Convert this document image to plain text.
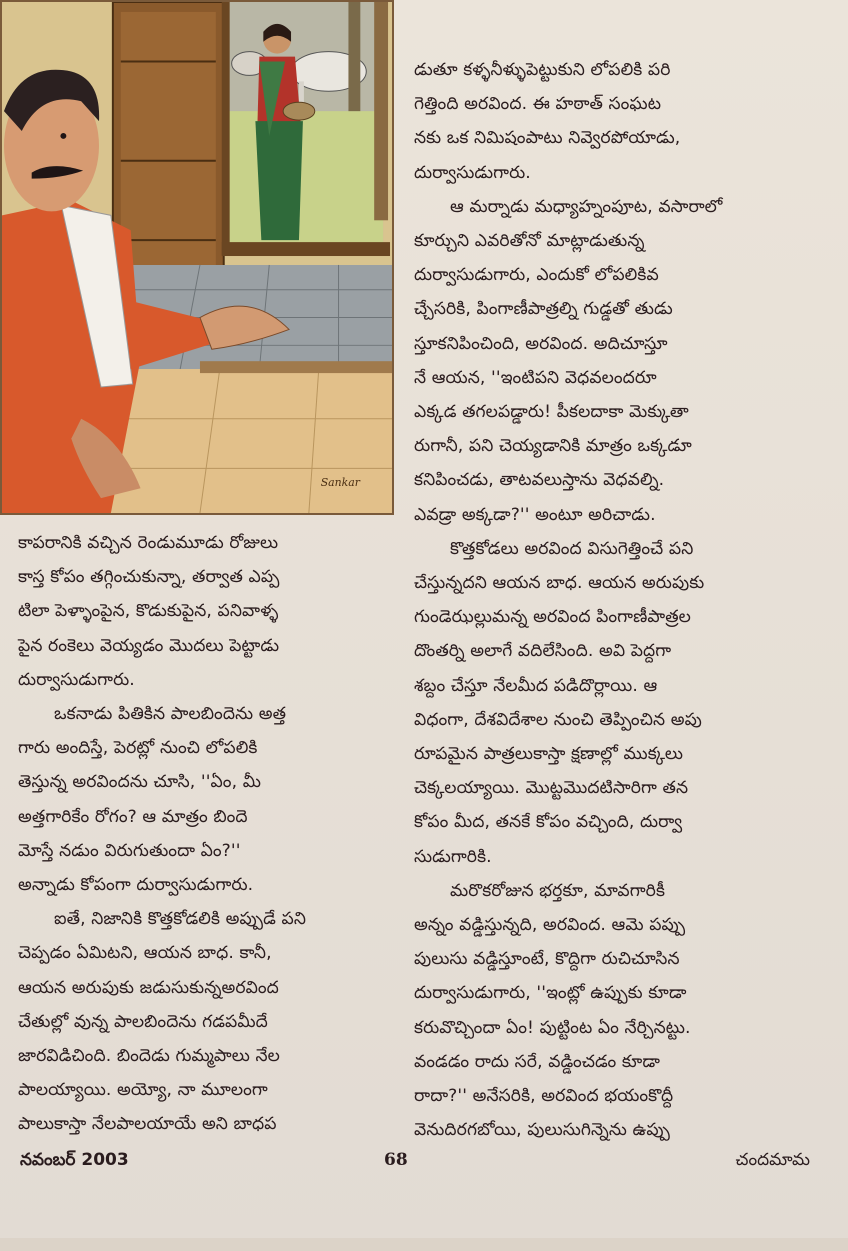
Sankar

డుతూ కళ్ళనీళ్ళుపెట్టుకుని లోపలికి పరి
గెత్తింది అరవింద. ఈ హఠాత్ సంఘట
నకు ఒక నిమిషంపాటు నివ్వెరపోయాడు,
దుర్వాసుడుగారు.

ఆ మర్నాడు మధ్యాహ్నంపూట, వసారాలో

కూర్చుని ఎవరితోనో మాట్లాడుతున్న
దుర్వాసుడుగారు, ఎందుకో లోపలికివ
చ్చేసరికి, పింగాణీపాత్రల్ని గుడ్డతో తుడు
స్తూకనిపించింది, అరవింద. అదిచూస్తూ
నే ఆయన, ''ఇంటిపని వెధవలందరూ
ఎక్కడ తగలపడ్డారు! పీకలదాకా మెక్కుతా
రుగానీ, పని చెయ్యడానికి మాత్రం ఒక్కడూ
కనిపించడు, తాటవలుస్తాను వెధవల్ని.
ఎవడ్రా అక్కడా?'' అంటూ అరిచాడు.

కొత్తకోడలు అరవింద విసుగెత్తించే పని

చేస్తున్నదని ఆయన బాధ. ఆయన అరుపుకు
గుండెఝల్లుమన్న అరవింద పింగాణీపాత్రల
దొంతర్ని అలాగే వదిలేసింది. అవి పెద్దగా
శబ్దం చేస్తూ నేలమీద పడిదొర్లాయి. ఆ
విధంగా, దేశవిదేశాల నుంచి తెప్పించిన అపు
రూపమైన పాత్రలుకాస్తా క్షణాల్లో ముక్కలు
చెక్కలయ్యాయి. మొట్టమొదటిసారిగా తన
కోపం మీద, తనకే కోపం వచ్చింది, దుర్వా
సుడుగారికి.

మరొకరోజున భర్తకూ, మావగారికీ

అన్నం వడ్డిస్తున్నది, అరవింద. ఆమె పప్పు
పులుసు వడ్డిస్తూంటే, కొద్దిగా రుచిచూసిన
దుర్వాసుడుగారు, ''ఇంట్లో ఉప్పుకు కూడా
కరువొచ్చిందా ఏం! పుట్టింట ఏం నేర్చినట్టు.
వండడం రాదు సరే, వడ్డించడం కూడా
రాదా?'' అనేసరికి, అరవింద భయంకొద్దీ
వెనుదిరగబోయి, పులుసుగిన్నెను ఉప్పు

కాపరానికి వచ్చిన రెండుమూడు రోజులు
కాస్త కోపం తగ్గించుకున్నా, తర్వాత ఎప్ప
టిలా పెళ్ళాంపైన, కొడుకుపైన, పనివాళ్ళ
పైన రంకెలు వెయ్యడం మొదలు పెట్టాడు
దుర్వాసుడుగారు.

ఒకనాడు పితికిన పాలబిందెను అత్త

గారు అందిస్తే, పెరట్లో నుంచి లోపలికి
తెస్తున్న అరవిందను చూసి, ''ఏం, మీ
అత్తగారికేం రోగం? ఆ మాత్రం బిందె
మోస్తే నడుం విరుగుతుందా ఏం?''
అన్నాడు కోపంగా దుర్వాసుడుగారు.

ఐతే, నిజానికి కొత్తకోడలికి అప్పుడే పని

చెప్పడం ఏమిటని, ఆయన బాధ. కానీ,
ఆయన అరుపుకు జడుసుకున్నఅరవింద
చేతుల్లో వున్న పాలబిందెను గడపమీదే
జారవిడిచింది. బిందెడు గుమ్మపాలు నేల
పాలయ్యాయి. అయ్యో, నా మూలంగా
పాలుకాస్తా నేలపాలయాయే అని బాధప

నవంబర్ 2003	68	చందమామ
